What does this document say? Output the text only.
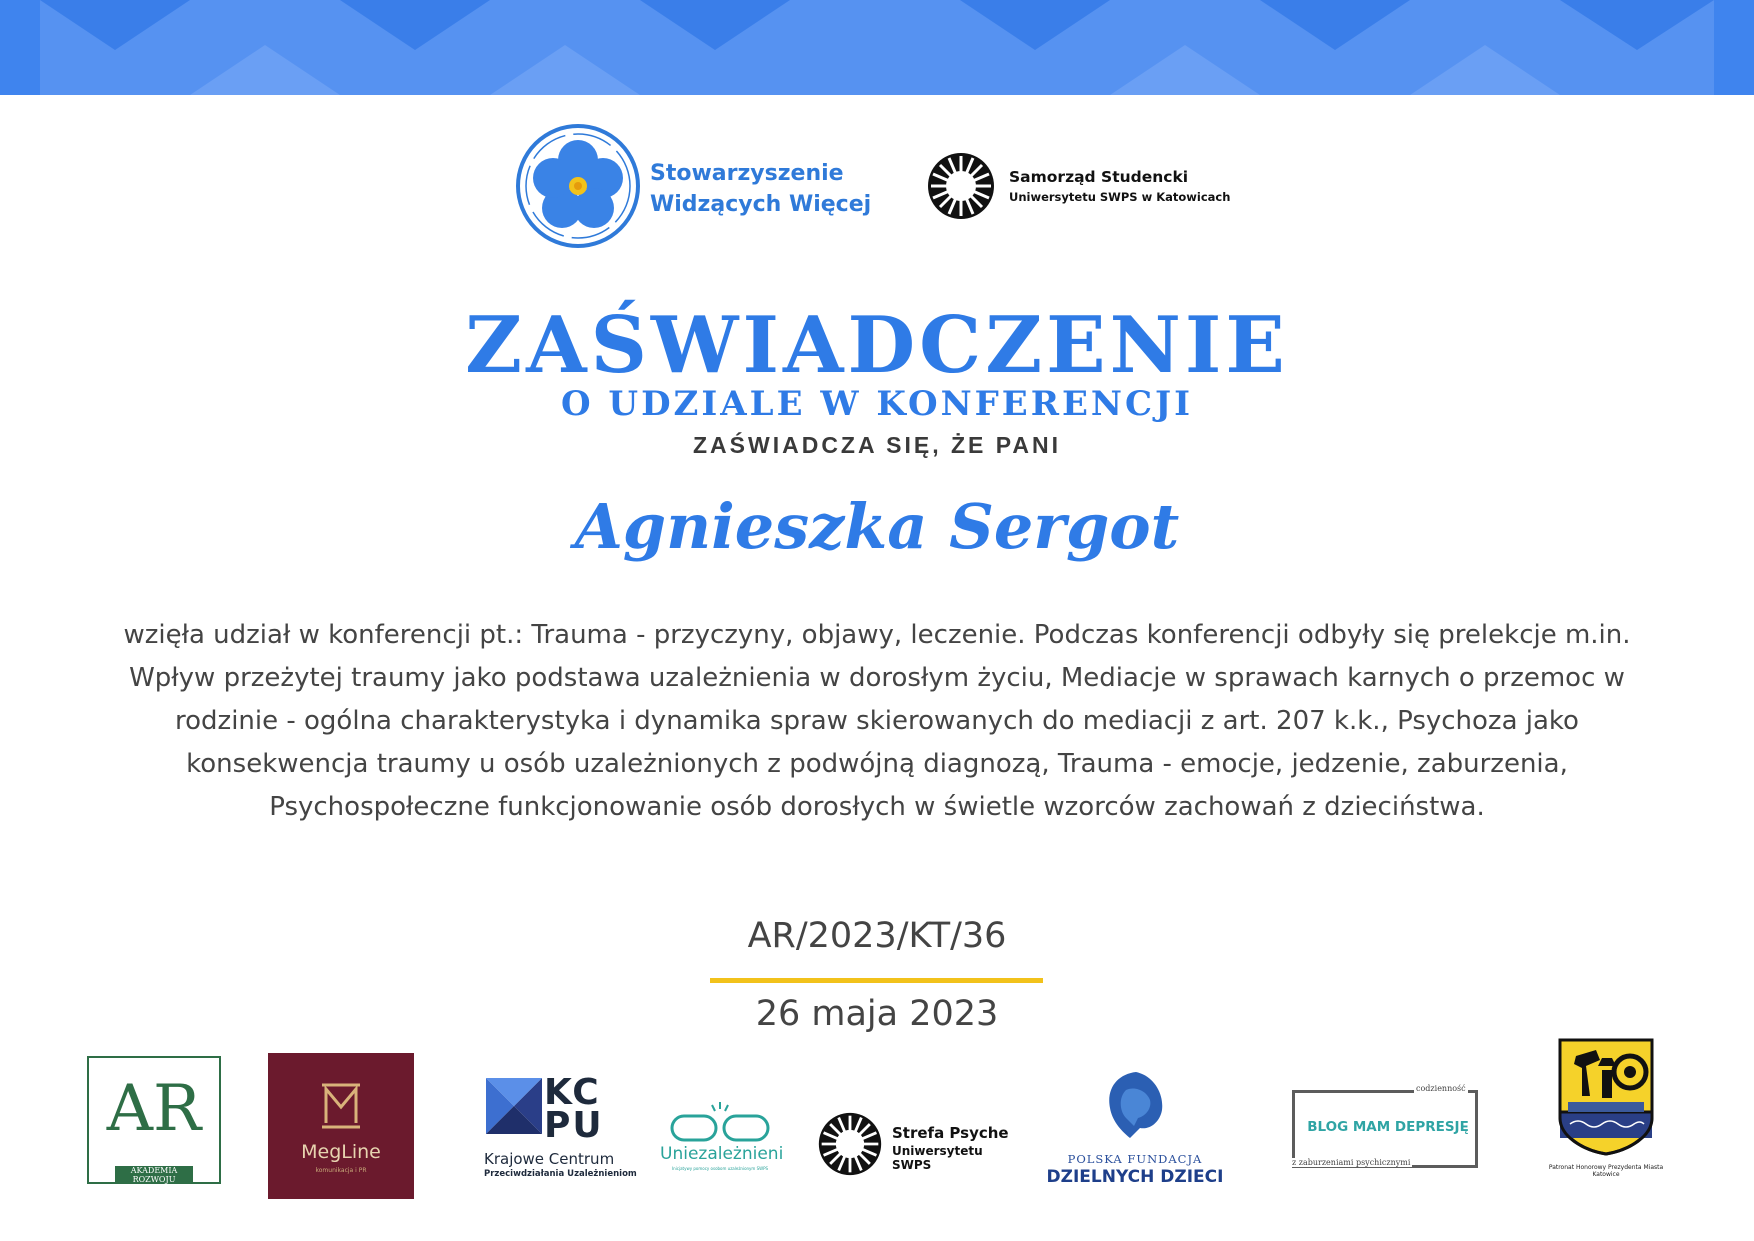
Stowarzyszenie
Widzących Więcej
Samorząd Studencki
Uniwersytetu SWPS w Katowicach
ZAŚWIADCZENIE
O UDZIALE W KONFERENCJI
ZAŚWIADCZA SIĘ, ŻE PANI
Agnieszka Sergot
wzięła udział w konferencji pt.: Trauma - przyczyny, objawy, leczenie. Podczas konferencji odbyły się prelekcje m.in. Wpływ przeżytej traumy jako podstawa uzależnienia w dorosłym życiu, Mediacje w sprawach karnych o przemoc w rodzinie - ogólna charakterystyka i dynamika spraw skierowanych do mediacji z art. 207 k.k., Psychoza jako konsekwencja traumy u osób uzależnionych z podwójną diagnozą, Trauma - emocje, jedzenie, zaburzenia, Psychospołeczne funkcjonowanie osób dorosłych w świetle wzorców zachowań z dzieciństwa.
AR/2023/KT/36
26 maja 2023
AR
AKADEMIA ROZWOJU
MegLine
komunikacja i PR
KC PU
Krajowe Centrum
Przeciwdziałania Uzależnieniom
Uniezależnieni
Inicjatywy pomocy osobom uzależnionym SWPS
Strefa Psyche
Uniwersytetu SWPS	POLSKA FUNDACJA
DZIELNYCH DZIECI
BLOG MAM DEPRESJĘ
codzienność
z zaburzeniami psychicznymi
Patronat Honorowy Prezydenta Miasta Katowice
